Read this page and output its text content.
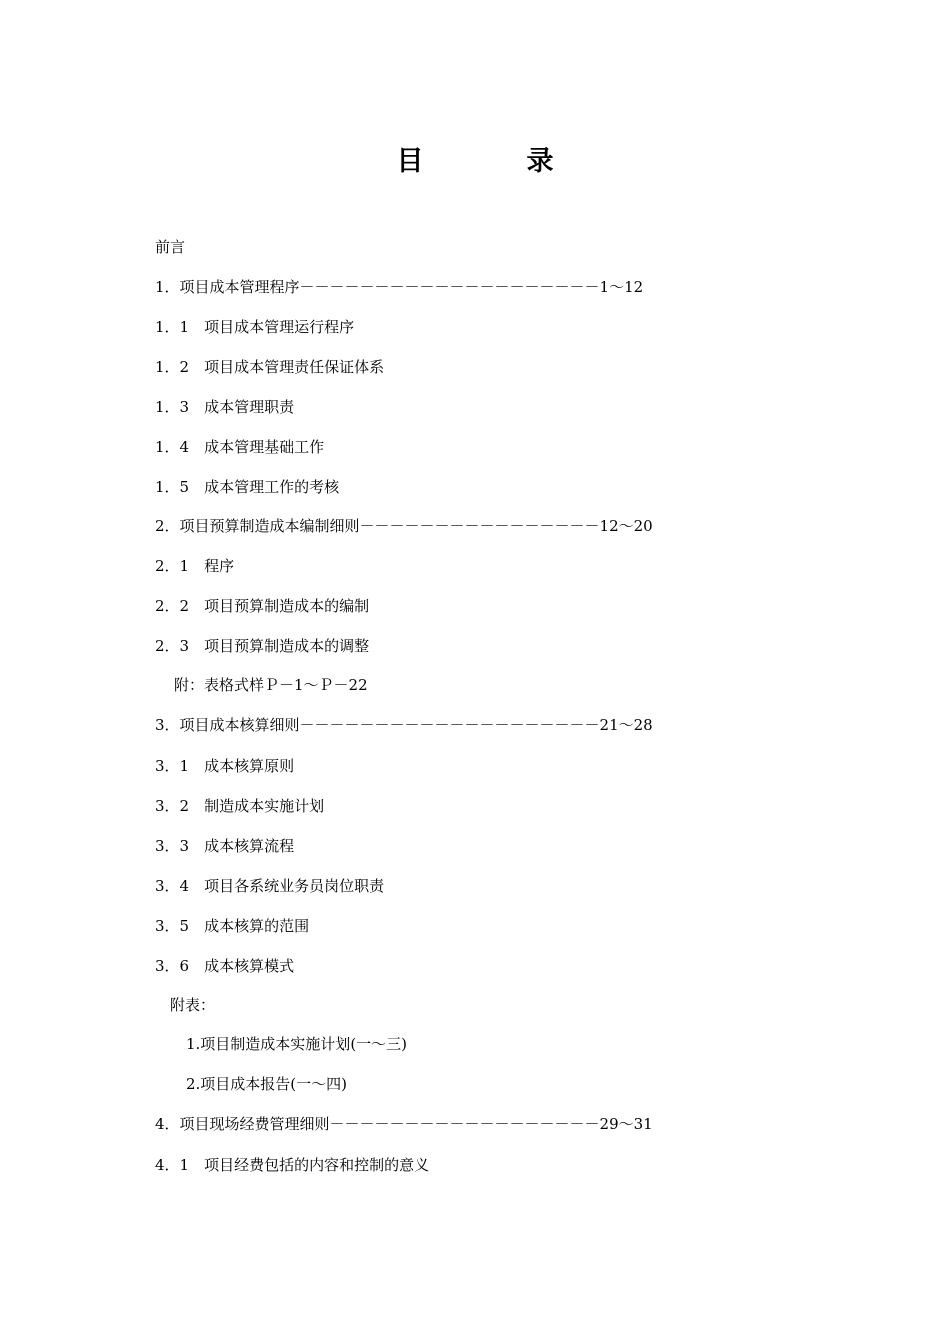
目　录
前言
1．项目成本管理程序－－－－－－－－－－－－－－－－－－－－1～12
1．1　项目成本管理运行程序
1．2　项目成本管理责任保证体系
1．3　成本管理职责
1．4　成本管理基础工作
1．5　成本管理工作的考核
2．项目预算制造成本编制细则－－－－－－－－－－－－－－－－12～20
2．1　程序
2．2　项目预算制造成本的编制
2．3　项目预算制造成本的调整
附：表格式样Ｐ－1～Ｐ－22
3．项目成本核算细则－－－－－－－－－－－－－－－－－－－－21～28
3．1　成本核算原则
3．2　制造成本实施计划
3．3　成本核算流程
3．4　项目各系统业务员岗位职责
3．5　成本核算的范围
3．6　成本核算模式
附表：
1.项目制造成本实施计划(一～三)
2.项目成本报告(一～四)
4．项目现场经费管理细则－－－－－－－－－－－－－－－－－－29～31
4．1　项目经费包括的内容和控制的意义
